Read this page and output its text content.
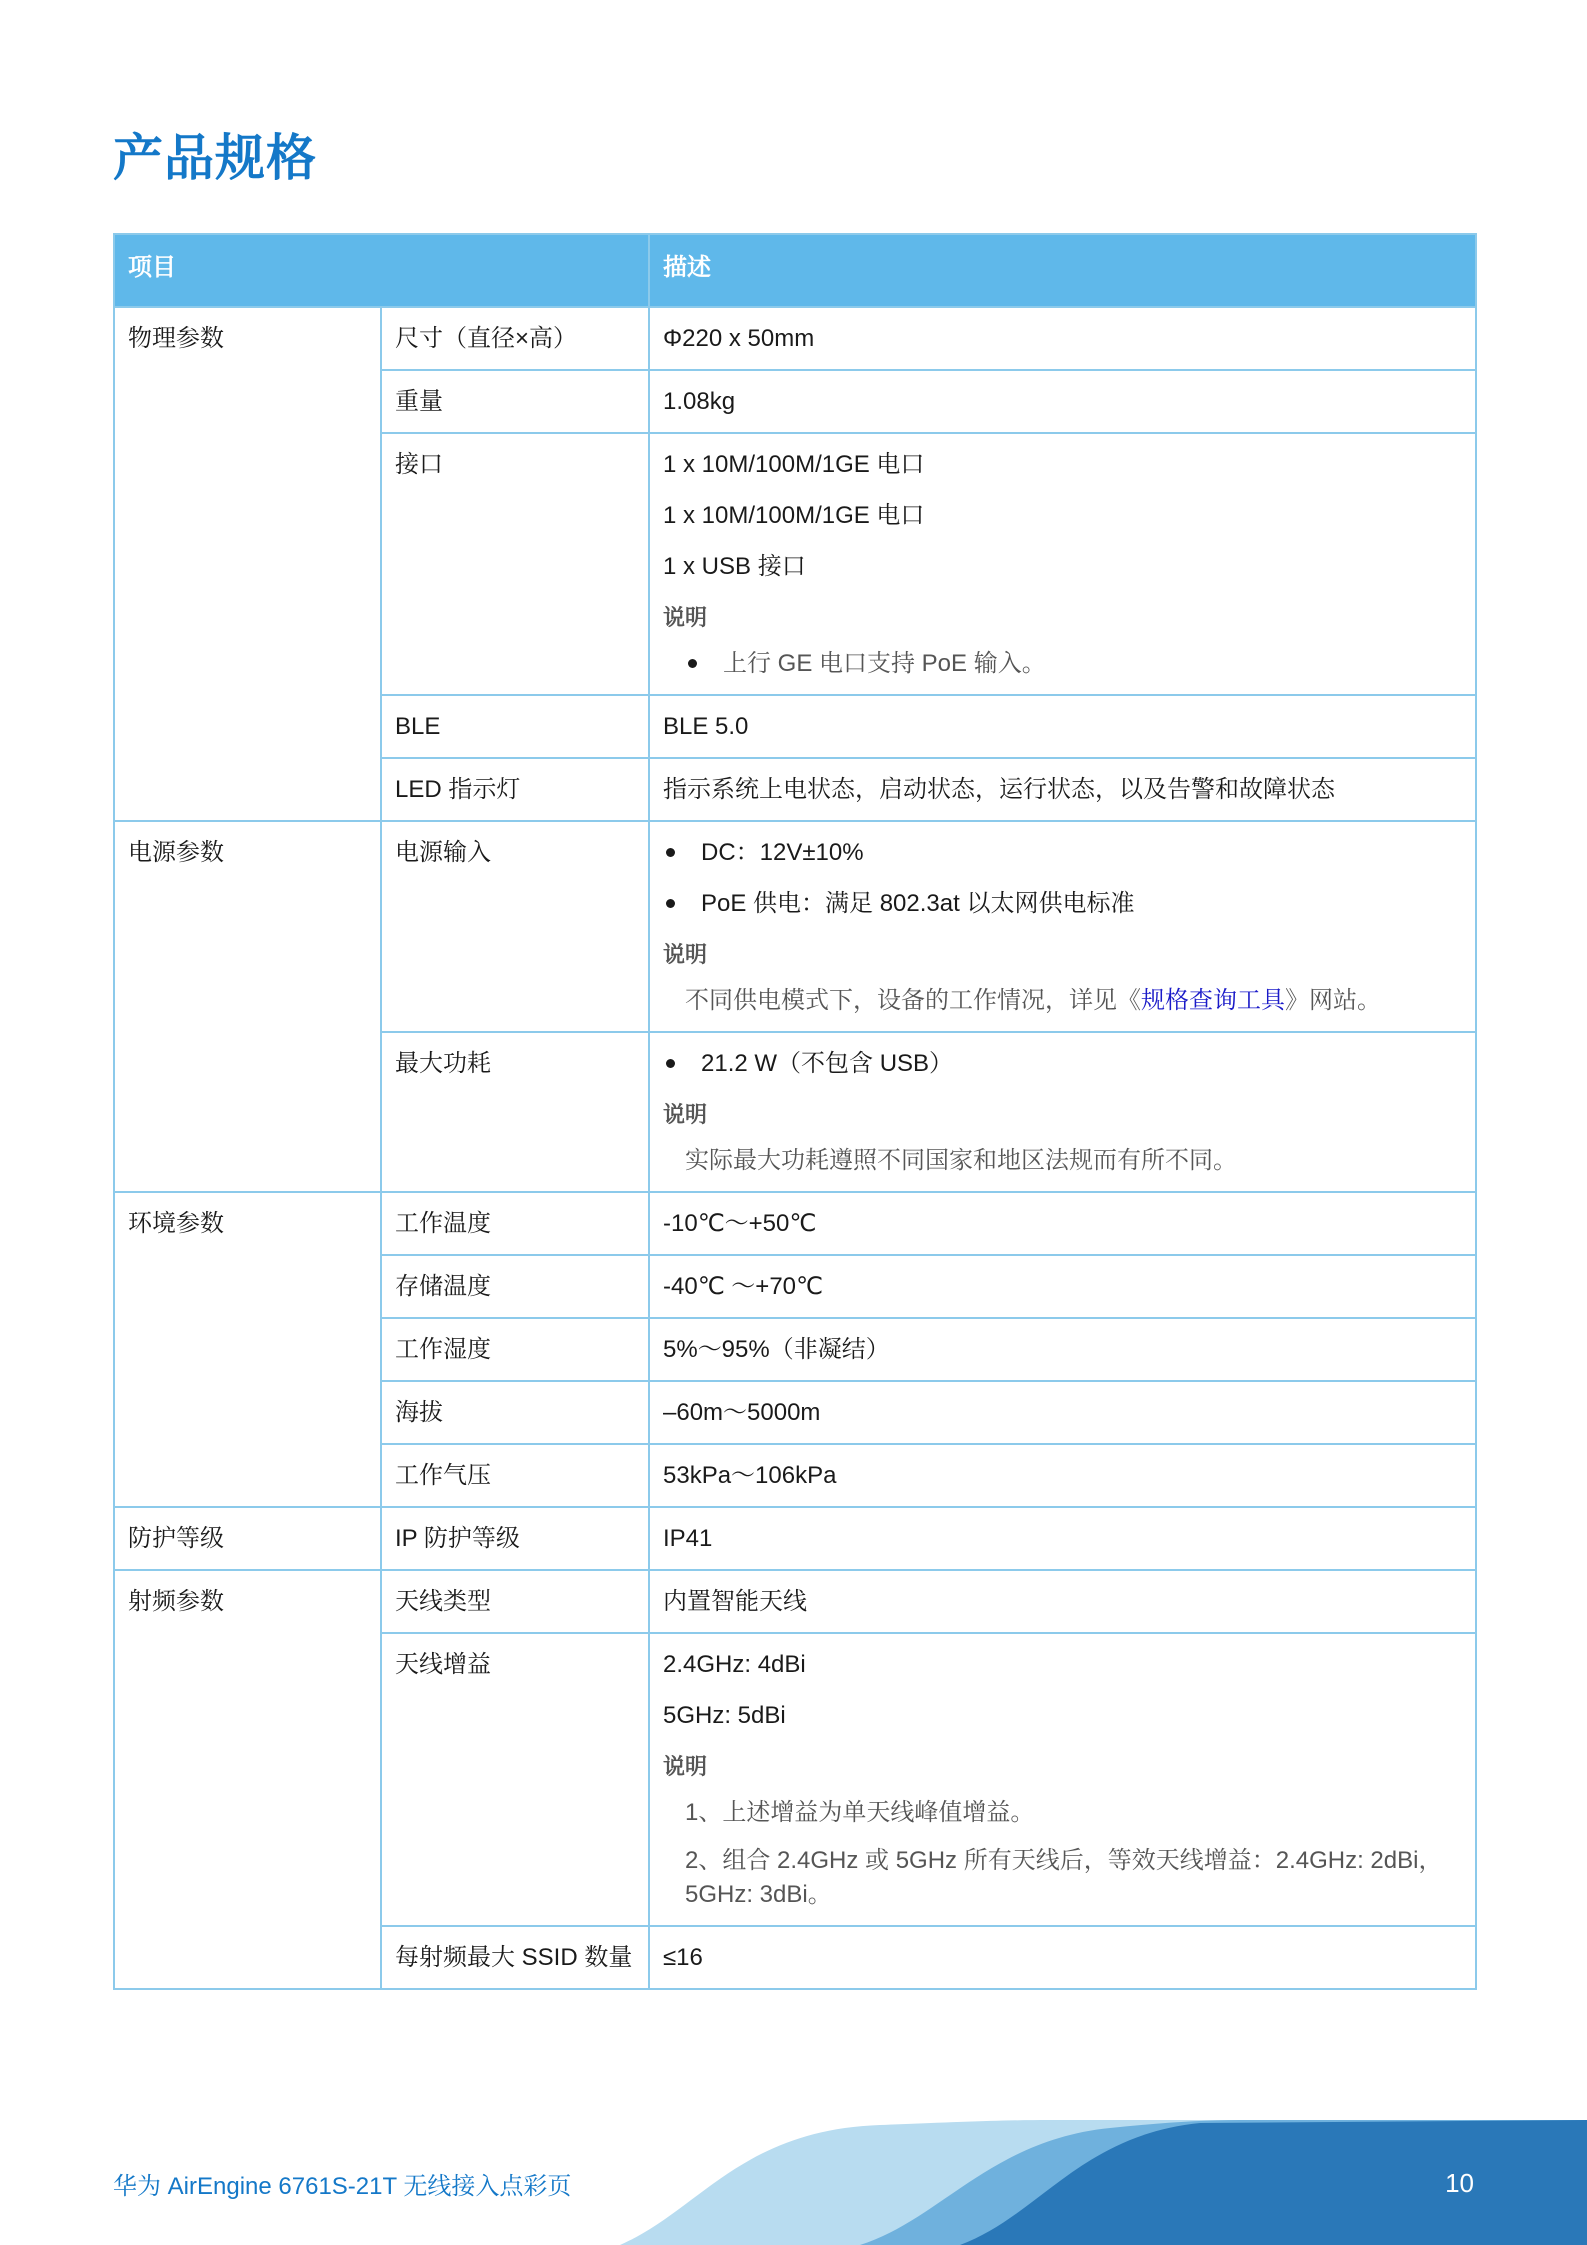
产品规格
项目		描述
物理参数	尺寸（直径×高）	Φ220 x 50mm
	重量	1.08kg
	接口	1 x 10M/100M/1GE 电口
1 x 10M/100M/1GE 电口
1 x USB 接口
说明
上行 GE 电口支持 PoE 输入。

	BLE	BLE 5.0
	LED 指示灯	指示系统上电状态，启动状态，运行状态，以及告警和故障状态
电源参数	电源输入	DC：12V±10%
PoE 供电：满足 802.3at 以太网供电标准
说明
不同供电模式下，设备的工作情况，详见《规格查询工具》网站。

	最大功耗	21.2 W（不包含 USB）
说明
实际最大功耗遵照不同国家和地区法规而有所不同。

环境参数	工作温度	-10℃～+50℃
	存储温度	-40℃ ～+70℃
	工作湿度	5%～95%（非凝结）
	海拔	–60m～5000m
	工作气压	53kPa～106kPa
防护等级	IP 防护等级	IP41
射频参数	天线类型	内置智能天线
	天线增益	2.4GHz: 4dBi
5GHz: 5dBi
说明
1、上述增益为单天线峰值增益。
2、组合 2.4GHz 或 5GHz 所有天线后，等效天线增益：2.4GHz: 2dBi，5GHz: 3dBi。

	每射频最大 SSID 数量	≤16
华为 AirEngine 6761S-21T 无线接入点彩页	10
